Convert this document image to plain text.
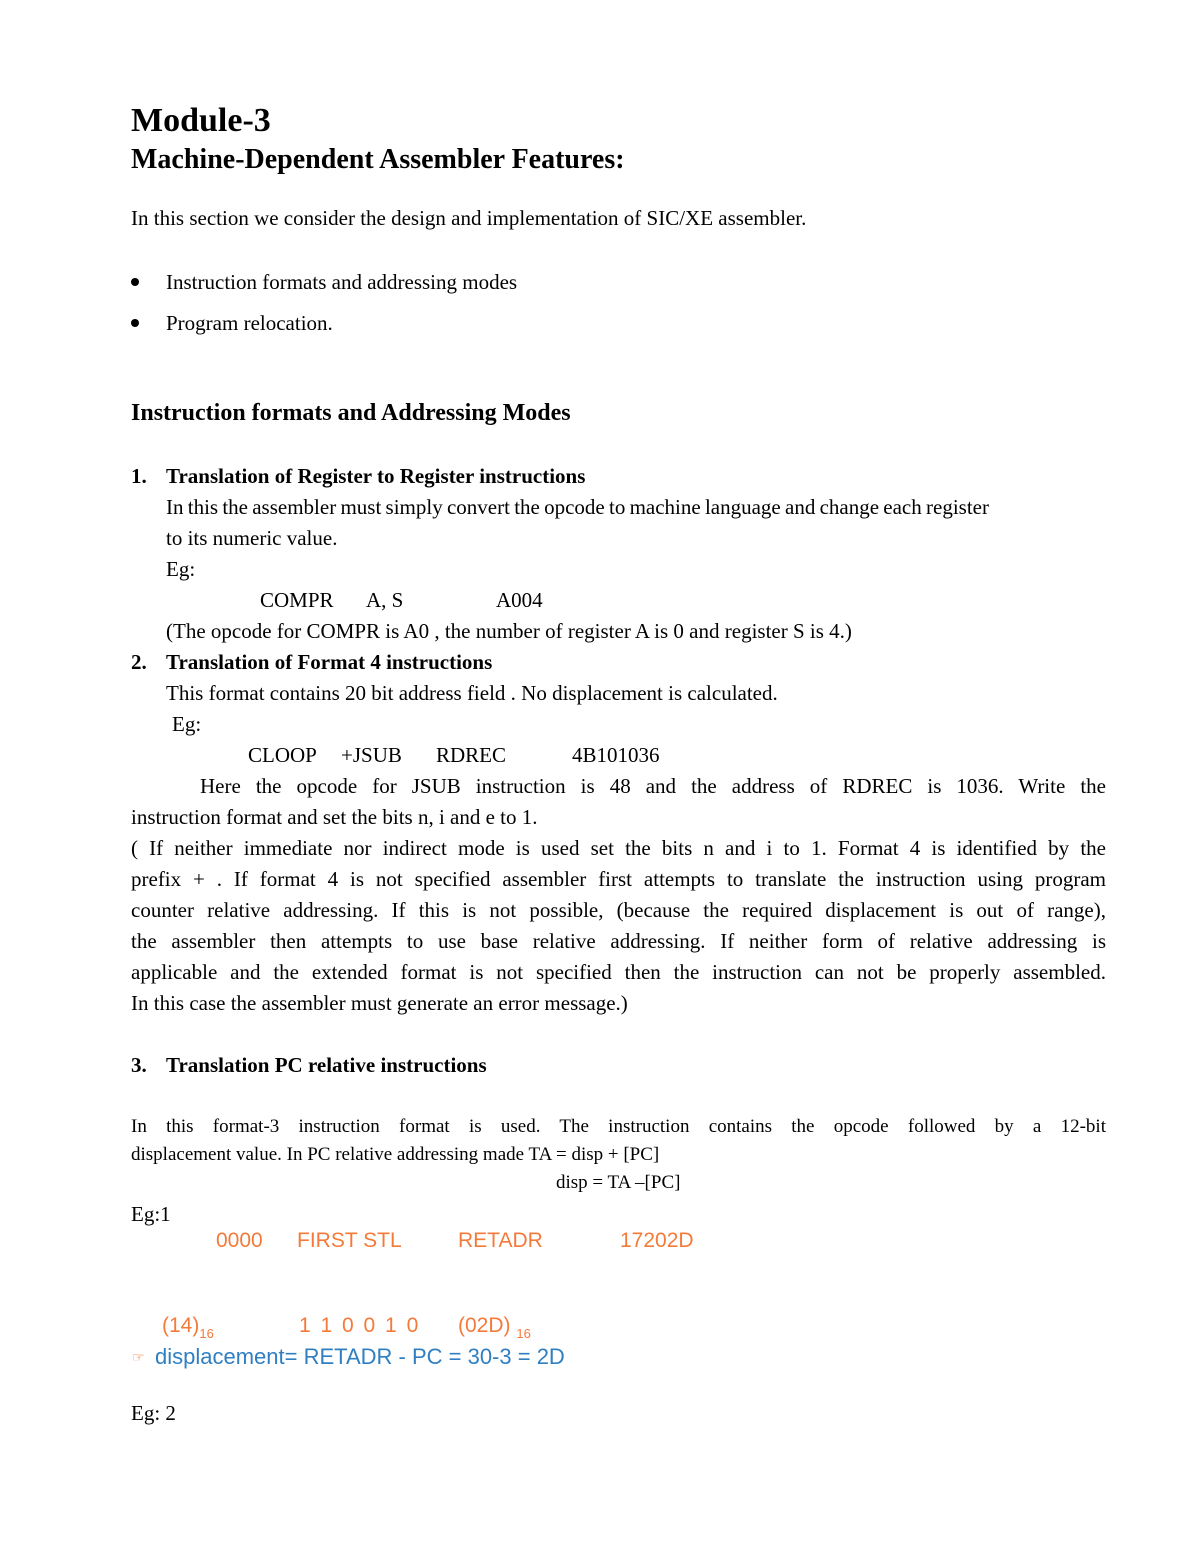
Module-3
Machine-Dependent Assembler Features:
In this section we consider the design and implementation of SIC/XE assembler.
Instruction formats and addressing modes
Program relocation.
Instruction formats and Addressing Modes
1. Translation of Register to Register instructions
In this the assembler must simply convert the opcode to machine language and change each register
to its numeric value.
Eg:
COMPR A, S	A004
(The opcode for COMPR is A0 , the number of register A is 0 and register S is 4.)
2. Translation of Format 4 instructions
This format contains 20 bit address field . No displacement is calculated.
Eg:
CLOOP +JSUB RDREC	4B101036
Here the opcode for JSUB instruction is 48 and the address of RDREC is 1036. Write the
instruction format and set the bits n, i and e to 1.
( If neither immediate nor indirect mode is used set the bits n and i to 1. Format 4 is identified by the
prefix + . If format 4 is not specified assembler first attempts to translate the instruction using program
counter relative addressing. If this is not possible, (because the required displacement is out of range),
the assembler then attempts to use base relative addressing. If neither form of relative addressing is
applicable and the extended format is not specified then the instruction can not be properly assembled.
In this case the assembler must generate an error message.)
3. Translation PC relative instructions
In this format-3 instruction format is used. The instruction contains the opcode followed by a 12-bit
displacement value. In PC relative addressing made TA = disp + [PC]
disp = TA –[PC]
Eg:1
0000 FIRST STL	RETADR	17202D
$(14)_{16}$	1 1 0 0 1 0 (02D) $_{16}$
☞ displacement= RETADR - PC = 30-3 = 2D
Eg: 2
